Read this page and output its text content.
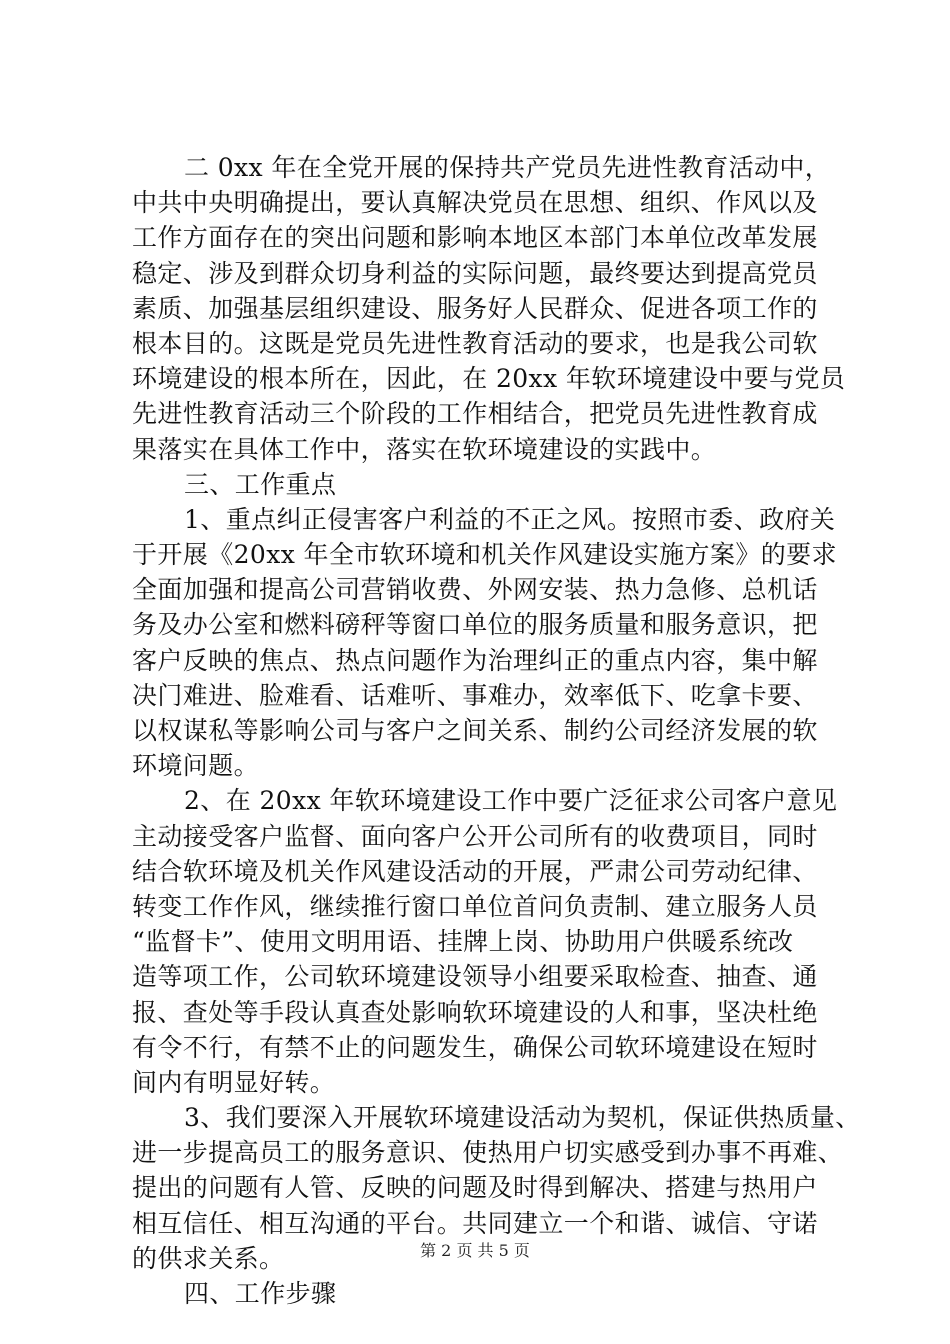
二 0xx 年在全党开展的保持共产党员先进性教育活动中，
中共中央明确提出，要认真解决党员在思想、组织、作风以及
工作方面存在的突出问题和影响本地区本部门本单位改革发展
稳定、涉及到群众切身利益的实际问题，最终要达到提高党员
素质、加强基层组织建设、服务好人民群众、促进各项工作的
根本目的。这既是党员先进性教育活动的要求，也是我公司软
环境建设的根本所在，因此，在 20xx 年软环境建设中要与党员
先进性教育活动三个阶段的工作相结合，把党员先进性教育成
果落实在具体工作中，落实在软环境建设的实践中。
三、工作重点
1、重点纠正侵害客户利益的不正之风。按照市委、政府关
于开展《20xx 年全市软环境和机关作风建设实施方案》的要求
全面加强和提高公司营销收费、外网安装、热力急修、总机话
务及办公室和燃料磅秤等窗口单位的服务质量和服务意识，把
客户反映的焦点、热点问题作为治理纠正的重点内容，集中解
决门难进、脸难看、话难听、事难办，效率低下、吃拿卡要、
以权谋私等影响公司与客户之间关系、制约公司经济发展的软
环境问题。
2、在 20xx 年软环境建设工作中要广泛征求公司客户意见
主动接受客户监督、面向客户公开公司所有的收费项目，同时
结合软环境及机关作风建设活动的开展，严肃公司劳动纪律、
转变工作作风，继续推行窗口单位首问负责制、建立服务人员
“监督卡”、使用文明用语、挂牌上岗、协助用户供暖系统改
造等项工作，公司软环境建设领导小组要采取检查、抽查、通
报、查处等手段认真查处影响软环境建设的人和事，坚决杜绝
有令不行，有禁不止的问题发生，确保公司软环境建设在短时
间内有明显好转。
3、我们要深入开展软环境建设活动为契机，保证供热质量、
进一步提高员工的服务意识、使热用户切实感受到办事不再难、
提出的问题有人管、反映的问题及时得到解决、搭建与热用户
相互信任、相互沟通的平台。共同建立一个和谐、诚信、守诺
的供求关系。
四、工作步骤
第 2 页 共 5 页
